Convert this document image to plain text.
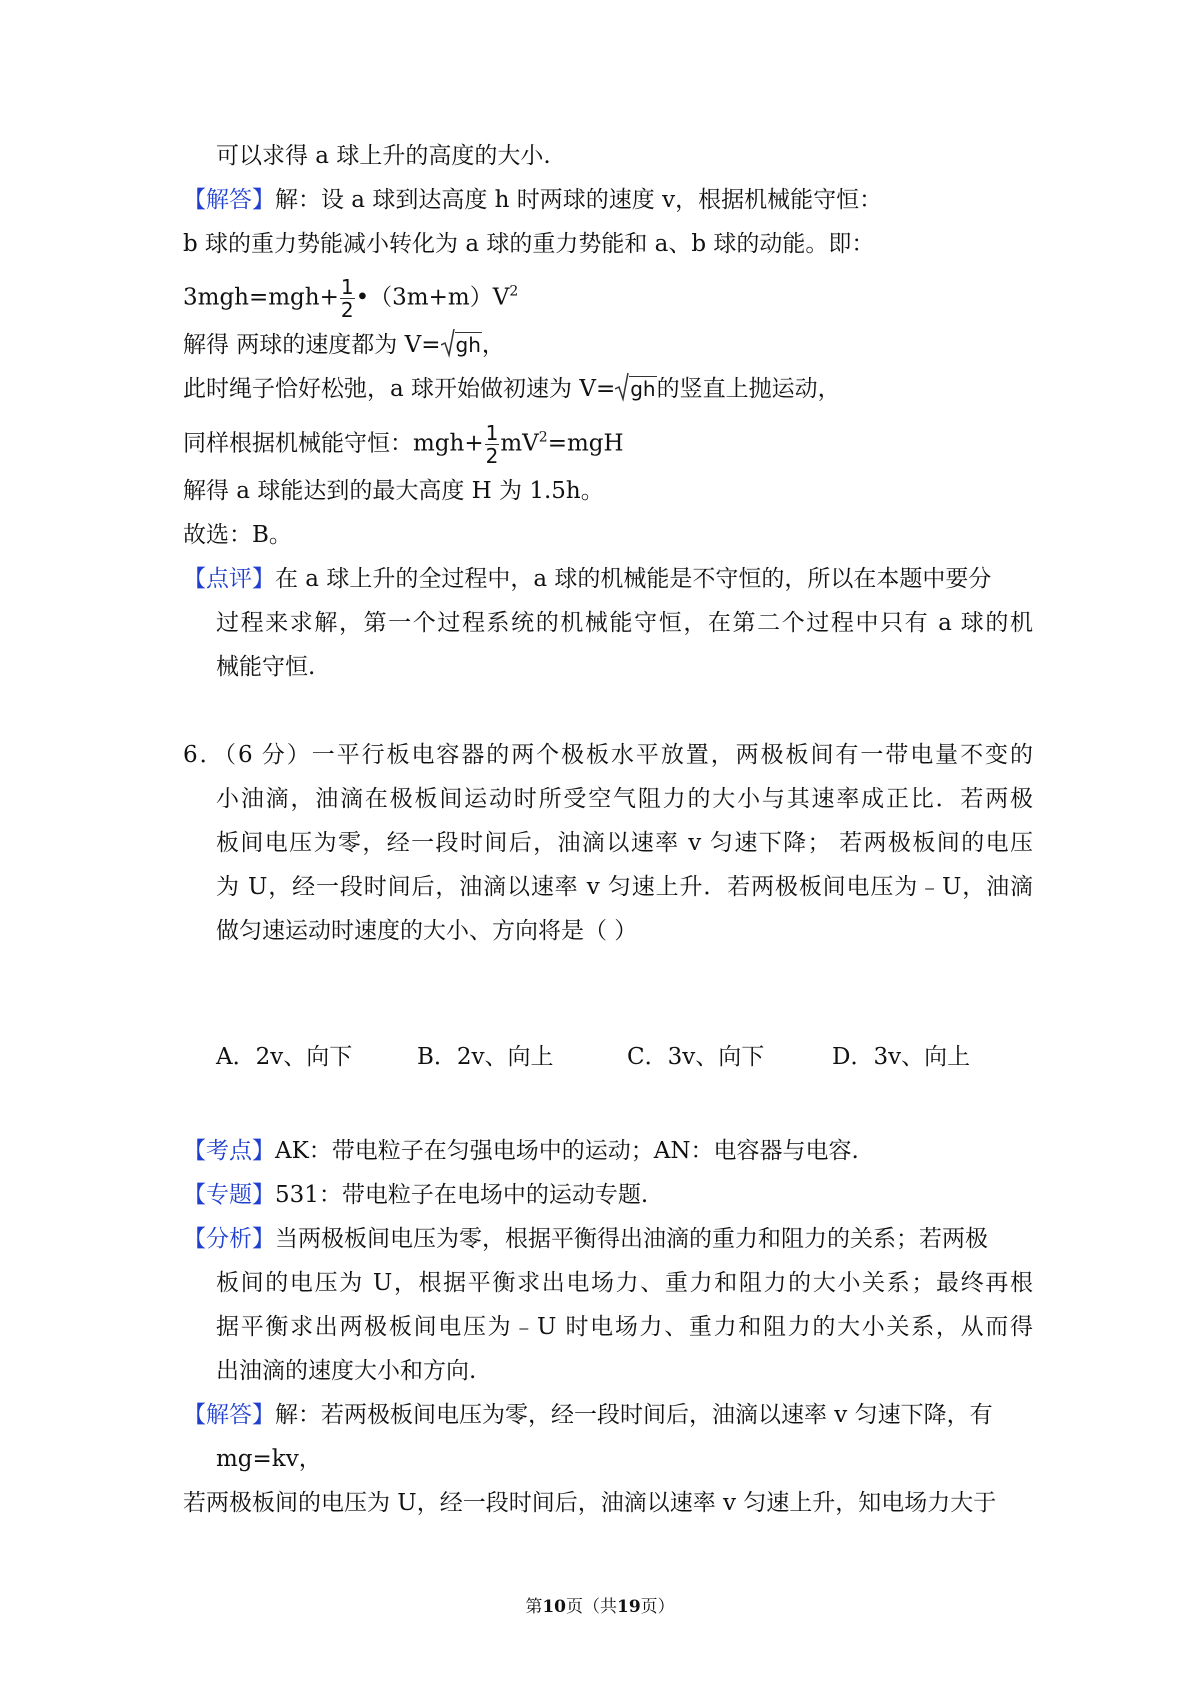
可以求得 a 球上升的高度的大小.
【解答】解：设 a 球到达高度 h 时两球的速度 v，根据机械能守恒：
b 球的重力势能减小转化为 a 球的重力势能和 a、b 球的动能。即：
$3mgh=mgh+ \frac{1}{2}$ $•(3m+m)V^2$
解得 两球的速度都为 V= gh，
此时绳子恰好松弛，a 球开始做初速为 V= gh的竖直上抛运动，
同样根据机械能守恒：$mgh+ \frac{1}{2} mV^2=mgH$
解得 a 球能达到的最大高度 H 为 1.5h。
故选：B。
【点评】在 a 球上升的全过程中，a 球的机械能是不守恒的，所以在本题中要分
过程来求解，第一个过程系统的机械能守恒，在第二个过程中只有 a 球的机
械能守恒.
6．（6 分）一平行板电容器的两个极板水平放置，两极板间有一带电量不变的
小油滴，油滴在极板间运动时所受空气阻力的大小与其速率成正比．若两极
板间电压为零，经一段时间后，油滴以速率 v 匀速下降； 若两极板间的电压
为 U，经一段时间后，油滴以速率 v 匀速上升．若两极板间电压为﹣U，油滴
做匀速运动时速度的大小、方向将是（ ）
A．2v、向下	B．2v、向上	C．3v、向下	D．3v、向上
【考点】AK：带电粒子在匀强电场中的运动；AN：电容器与电容.
【专题】531：带电粒子在电场中的运动专题.
【分析】当两极板间电压为零，根据平衡得出油滴的重力和阻力的关系；若两极
板间的电压为 U，根据平衡求出电场力、重力和阻力的大小关系；最终再根
据平衡求出两极板间电压为﹣U 时电场力、重力和阻力的大小关系，从而得
出油滴的速度大小和方向.
【解答】解：若两极板间电压为零，经一段时间后，油滴以速率 v 匀速下降，有
mg=kv，
若两极板间的电压为 U，经一段时间后，油滴以速率 v 匀速上升，知电场力大于
第10页（共19页）
